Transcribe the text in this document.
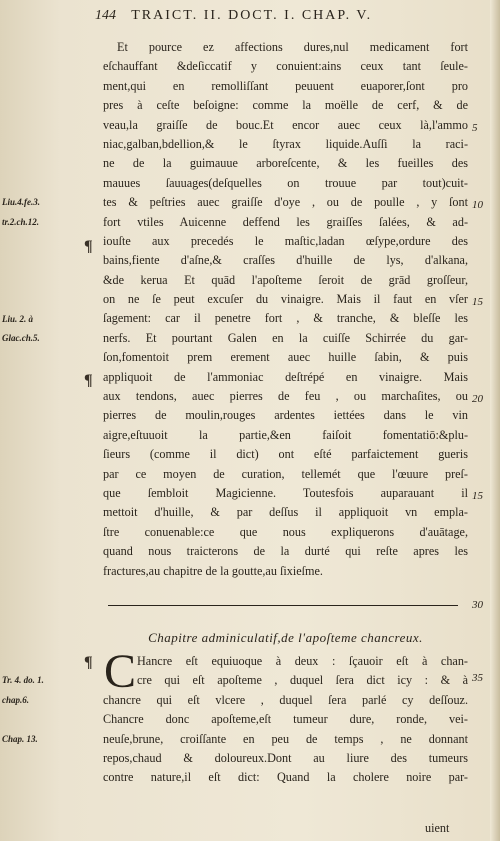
144 TRAICT. II. DOCT. I. CHAP. V.
Et pource ez affections dures,nul medicament fort
eſchauffant &deſiccatif y conuient:ains ceux tant ſeule-
ment,qui en remolliſſant peuuent euaporer,ſont pro
pres à ceſte beſoigne: comme la moëlle de cerf, & de
veau,la graiſſe de bouc.Et encor auec ceux là,l'ammo
niac,galban,bdellion,& le ſtyrax liquide.Auſſi la raci-
ne de la guimauue arboreſcente, & les fueilles des
mauues ſauuages(deſquelles on trouue par tout)cuit-
tes & peſtries auec graiſſe d'oye , ou de poulle , y ſont
fort vtiles Auicenne deffend les graiſſes ſalées, & ad-
iouſte aux precedés le maſtic,ladan œſype,ordure des
bains,fiente d'aſne,& craſſes d'huille de lys, d'alkana,
&de kerua Et quād l'apoſteme ſeroit de grād groſſeur,
on ne ſe peut excuſer du vinaigre. Mais il faut en vſer
ſagement: car il penetre fort , & tranche, & bleſſe les
nerfs. Et pourtant Galen en la cuiſſe Schirrée du gar-
ſon,fomentoit prem erement auec huille ſabin, & puis
appliquoit de l'ammoniac deſtrépé en vinaigre. Mais
aux tendons, auec pierres de feu , ou marchaſites, ou
pierres de moulin,rouges ardentes iettées dans le vin
aigre,eſtuuoit la partie,&en faiſoit fomentatiō:&plu-
ſieurs (comme il dict) ont eſté parfaictement gueris
par ce moyen de curation, tellemét que l'œuure preſ-
que ſembloit Magicienne. Toutesfois auparauant il
mettoit d'huille, & par deſſus il appliquoit vn empla-
ſtre conuenable:ce que nous expliquerons d'auātage,
quand nous traicterons de la durté qui reſte apres les
fractures,au chapitre de la goutte,au ſixieſme.
Liu.4.fe.3.
tr.2.ch.12.
Liu. 2. à
Glac.ch.5.
5
10
15
20
15
¶
¶
30
Chapitre adminiculatif,de l'apoſteme chancreux.
¶ C Hancre eſt equiuoque à deux : ſçauoir eſt à chan-
cre qui eſt apoſteme , duquel ſera dict icy : & à
chancre qui eſt vlcere , duquel ſera parlé cy deſſouz.
Chancre donc apoſteme,eſt tumeur dure, ronde, vei-
neuſe,brune, croiſſante en peu de temps , ne donnant
repos,chaud & doloureux.Dont au liure des tumeurs
contre nature,il eſt dict: Quand la cholere noire par-
35
Tr. 4. do. 1.
chap.6.
Chap. 13.
uient
